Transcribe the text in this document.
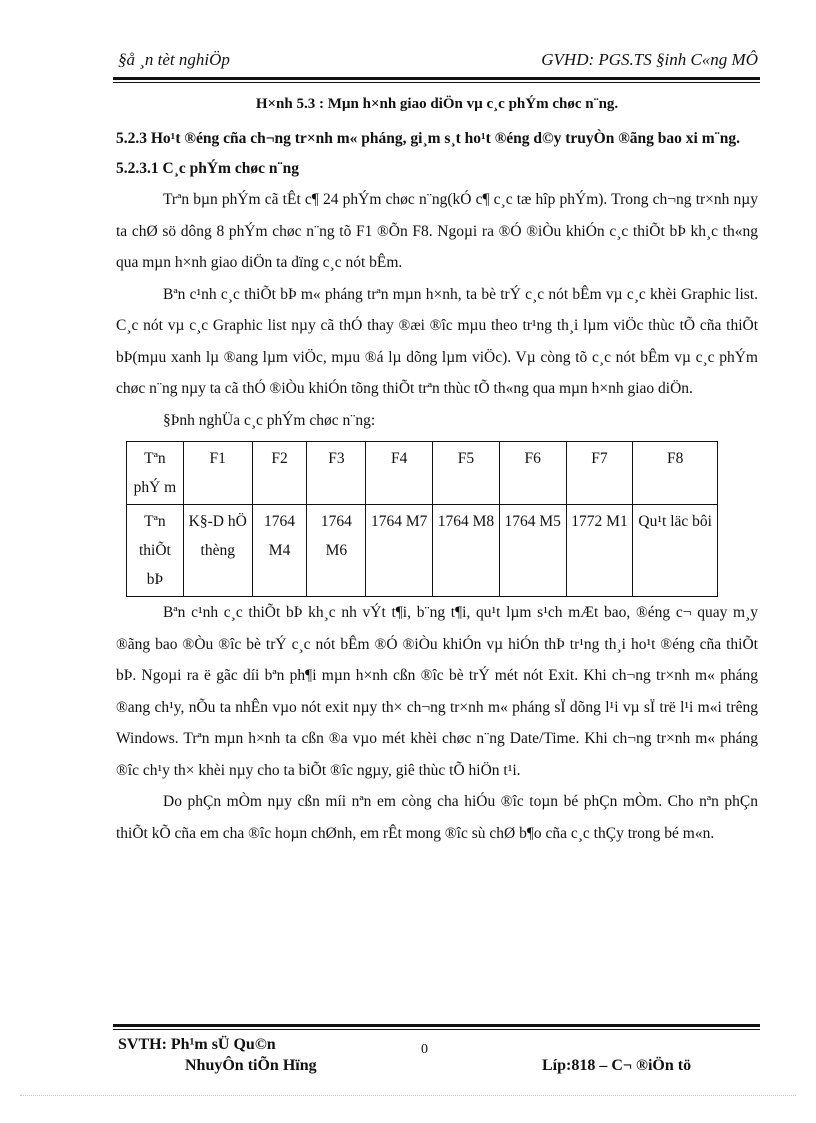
§å ¸n tèt nghiÖp	GVHD: PGS.TS §inh C«ng MÔ
H×nh 5.3 : Mµn h×nh giao diÖn vµ c¸c phÝm chøc n¨ng.
5.2.3 Ho¹t ®éng cña ch¬ng tr×nh m« pháng, gi¸m s¸t ho¹t ®éng d©y truyÒn ®ãng bao xi m¨ng.
5.2.3.1 C¸c phÝm chøc n¨ng

Trªn bµn phÝm cã tÊt c¶ 24 phÝm chøc n¨ng(kÓ c¶ c¸c tæ hîp phÝm). Trong ch¬ng tr×nh nµy ta chØ sö dông 8 phÝm chøc n¨ng tõ F1 ®Õn F8. Ngoµi ra ®Ó ®iÒu khiÓn c¸c thiÕt bÞ kh¸c th«ng qua mµn h×nh giao diÖn ta dïng c¸c nót bÊm.

Bªn c¹nh c¸c thiÕt bÞ m« pháng trªn mµn h×nh, ta bè trÝ c¸c nót bÊm vµ c¸c khèi Graphic list. C¸c nót vµ c¸c Graphic list nµy cã thÓ thay ®æi ®îc mµu theo tr¹ng th¸i lµm viÖc thùc tÕ cña thiÕt bÞ(mµu xanh lµ ®ang lµm viÖc, mµu ®á lµ dõng lµm viÖc). Vµ còng tõ c¸c nót bÊm vµ c¸c phÝm chøc n¨ng nµy ta cã thÓ ®iÒu khiÓn tõng thiÕt trªn thùc tÕ th«ng qua mµn h×nh giao diÖn.

§Þnh nghÜa c¸c phÝm chøc n¨ng:

Tªn phÝ m	F1	F2	F3	F4	F5	F6	F7	F8
Tªn thiÕt bÞ	K§-D hÖ thèng	1764 M4	1764 M6	1764 M7	1764 M8	1764 M5	1772 M1	Qu¹t läc bôi

Bªn c¹nh c¸c thiÕt bÞ kh¸c nh vÝt t¶i, b¨ng t¶i, qu¹t lµm s¹ch mÆt bao, ®éng c¬ quay m¸y ®ãng bao ®Òu ®îc bè trÝ c¸c nót bÊm ®Ó ®iÒu khiÓn vµ hiÓn thÞ tr¹ng th¸i ho¹t ®éng cña thiÕt bÞ. Ngoµi ra ë gãc díi bªn ph¶i mµn h×nh cßn ®îc bè trÝ mét nót Exit. Khi ch¬ng tr×nh m« pháng ®ang ch¹y, nÕu ta nhÊn vµo nót exit nµy th× ch¬ng tr×nh m« pháng sÏ dõng l¹i vµ sÏ trë l¹i m«i trêng Windows. Trªn mµn h×nh ta cßn ®a vµo mét khèi chøc n¨ng Date/Time. Khi ch¬ng tr×nh m« pháng ®îc ch¹y th× khèi nµy cho ta biÕt ®îc ngµy, giê thùc tÕ hiÖn t¹i.

Do phÇn mÒm nµy cßn míi nªn em còng cha hiÓu ®îc toµn bé phÇn mÒm. Cho nªn phÇn thiÕt kÕ cña em cha ®îc hoµn chØnh, em rÊt mong ®îc sù chØ b¶o cña c¸c thÇy trong bé m«n.

SVTH: Ph¹m sÜ Qu©n	0
NhuyÔn tiÕn Hïng	Líp:818 – C¬ ®iÖn tö
